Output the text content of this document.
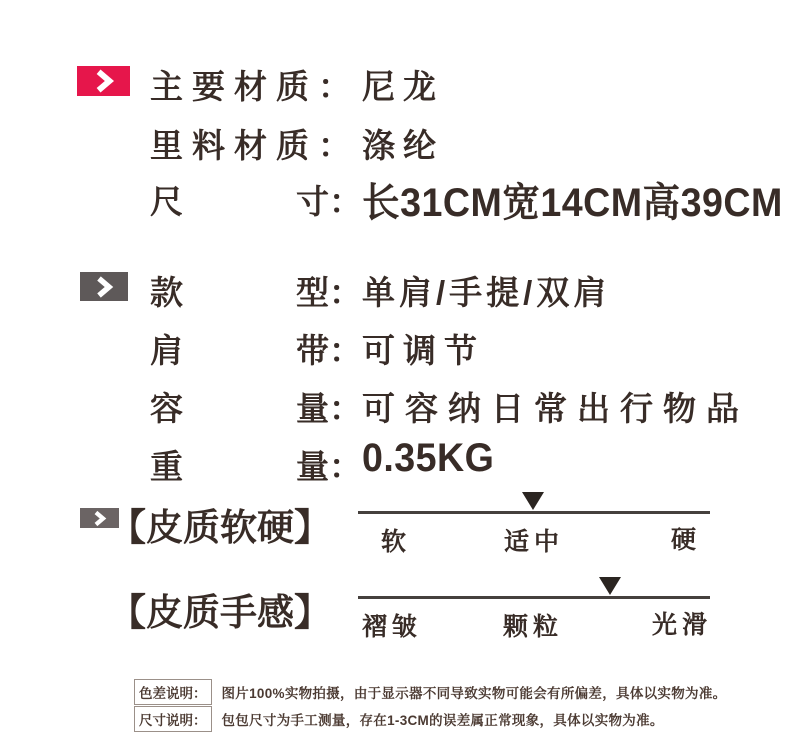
主要材质： 尼龙
里料材质： 涤纶
尺	寸： 长31CM宽14CM高39CM
款	型： 单肩/手提/双肩
肩	带： 可调节
容	量： 可容纳日常出行物品
重	量： 0.35KG
【皮质软硬】 软	适中	硬
【皮质手感】 褶皱	颗粒	光滑
色差说明：	图片100%实物拍摄，由于显示器不同导致实物可能会有所偏差，具体以实物为准。
尺寸说明：	包包尺寸为手工测量，存在1-3CM的误差属正常现象，具体以实物为准。
